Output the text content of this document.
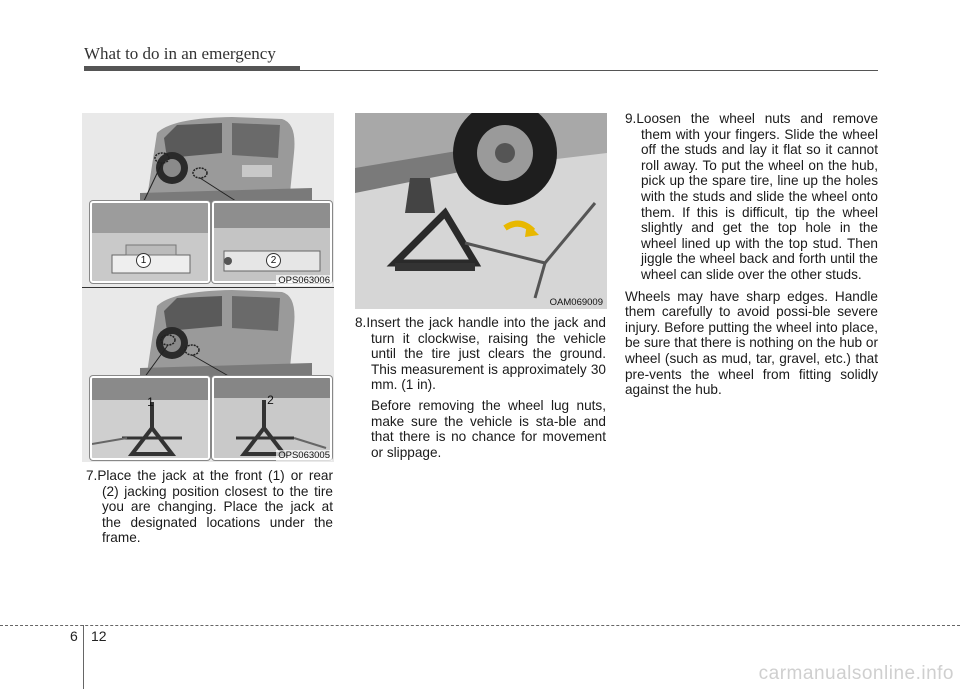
What to do in an emergency
1	2
OPS063006
1	2
OPS063005
OAM069009
7.Place the jack at the front (1) or rear (2) jacking position closest to the tire you are changing. Place the jack at the designated locations under the frame.
8.Insert the jack handle into the jack and turn it clockwise, raising the vehicle until the tire just clears the ground. This measurement is approximately 30 mm. (1 in).
Before removing the wheel lug nuts, make sure the vehicle is sta-ble and that there is no chance for movement or slippage.
9.Loosen the wheel nuts and remove them with your fingers. Slide the wheel off the studs and lay it flat so it cannot roll away. To put the wheel on the hub, pick up the spare tire, line up the holes with the studs and slide the wheel onto them. If this is difficult, tip the wheel slightly and get the top hole in the wheel lined up with the top stud. Then jiggle the wheel back and forth until the wheel can slide over the other studs.
Wheels may have sharp edges. Handle them carefully to avoid possi-ble severe injury. Before putting the wheel into place, be sure that there is nothing on the hub or wheel (such as mud, tar, gravel, etc.) that pre-vents the wheel from fitting solidly against the hub.
6 12
carmanualsonline.info
